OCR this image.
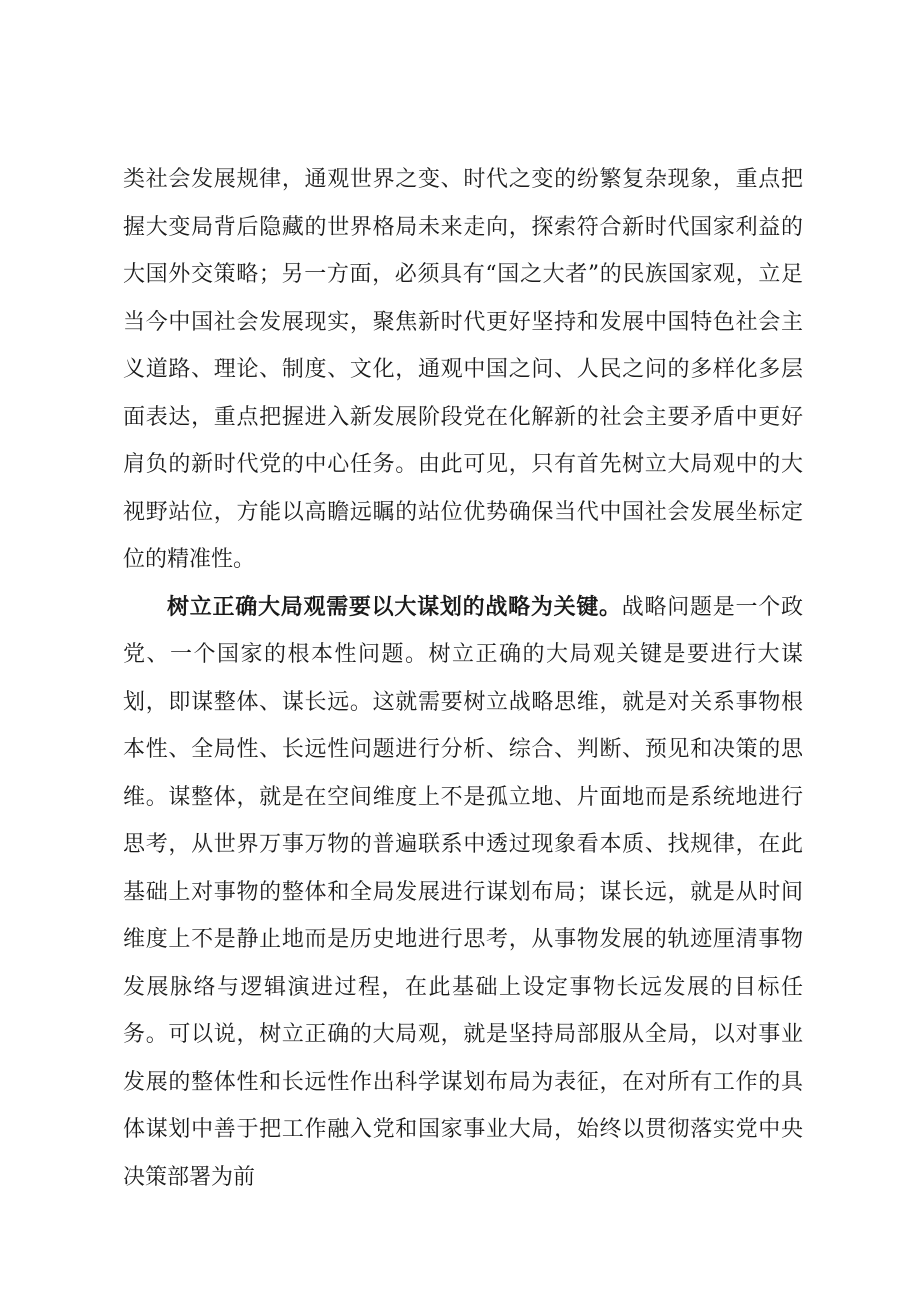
类社会发展规律，通观世界之变、时代之变的纷繁复杂现象，重点把握大变局背后隐藏的世界格局未来走向，探索符合新时代国家利益的大国外交策略；另一方面，必须具有“国之大者”的民族国家观，立足当今中国社会发展现实，聚焦新时代更好坚持和发展中国特色社会主义道路、理论、制度、文化，通观中国之问、人民之问的多样化多层面表达，重点把握进入新发展阶段党在化解新的社会主要矛盾中更好肩负的新时代党的中心任务。由此可见，只有首先树立大局观中的大视野站位，方能以高瞻远瞩的站位优势确保当代中国社会发展坐标定位的精准性。

树立正确大局观需要以大谋划的战略为关键。战略问题是一个政党、一个国家的根本性问题。树立正确的大局观关键是要进行大谋划，即谋整体、谋长远。这就需要树立战略思维，就是对关系事物根本性、全局性、长远性问题进行分析、综合、判断、预见和决策的思维。谋整体，就是在空间维度上不是孤立地、片面地而是系统地进行思考，从世界万事万物的普遍联系中透过现象看本质、找规律，在此基础上对事物的整体和全局发展进行谋划布局；谋长远，就是从时间维度上不是静止地而是历史地进行思考，从事物发展的轨迹厘清事物发展脉络与逻辑演进过程，在此基础上设定事物长远发展的目标任务。可以说，树立正确的大局观，就是坚持局部服从全局，以对事业发展的整体性和长远性作出科学谋划布局为表征，在对所有工作的具体谋划中善于把工作融入党和国家事业大局，始终以贯彻落实党中央决策部署为前
